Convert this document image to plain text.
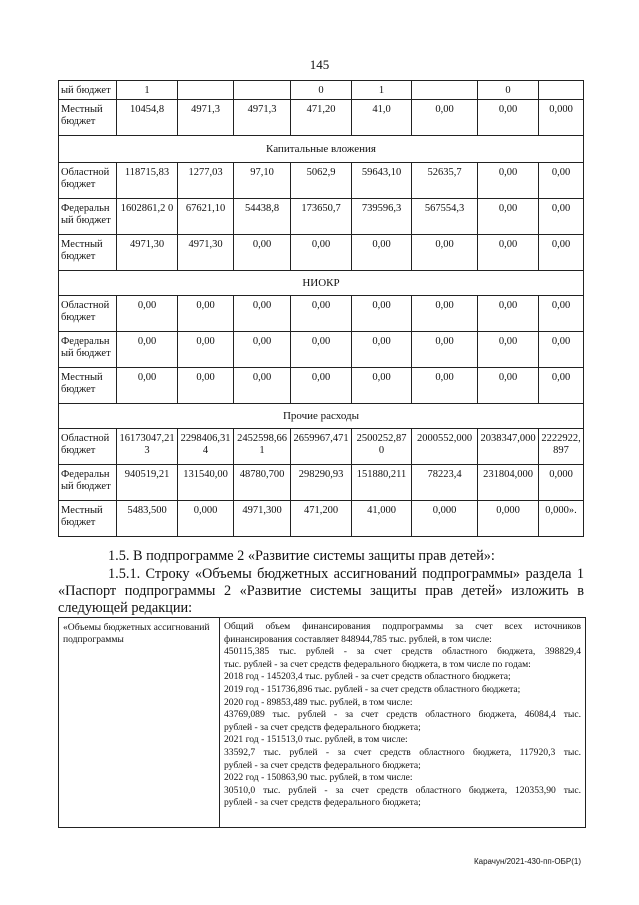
145
ый бюджет	1			0	1		0	
Местный бюджет	10454,8	4971,3	4971,3	471,20	41,0	0,00	0,00	0,000
Капитальные вложения								
Областной бюджет	118715,83	1277,03	97,10	5062,9	59643,10	52635,7	0,00	0,00
Федеральн ый бюджет	1602861,2 0	67621,10	54438,8	173650,7	739596,3	567554,3	0,00	0,00
Местный бюджет	4971,30	4971,30	0,00	0,00	0,00	0,00	0,00	0,00
НИОКР								
Областной бюджет	0,00	0,00	0,00	0,00	0,00	0,00	0,00	0,00
Федеральн ый бюджет	0,00	0,00	0,00	0,00	0,00	0,00	0,00	0,00
Местный бюджет	0,00	0,00	0,00	0,00	0,00	0,00	0,00	0,00
Прочие расходы								
Областной бюджет	16173047,213	2298406,314	2452598,661	2659967,471	2500252,870	2000552,000	2038347,000	2222922,897
Федеральн ый бюджет	940519,21	131540,00	48780,700	298290,93	151880,211	78223,4	231804,000	0,000
Местный бюджет	5483,500	0,000	4971,300	471,200	41,000	0,000	0,000	0,000».
1.5. В подпрограмме 2 «Развитие системы защиты прав детей»:
1.5.1. Строку «Объемы бюджетных ассигнований подпрограммы» раздела 1
«Паспорт подпрограммы 2 «Развитие системы защиты прав детей» изложить в
следующей редакции:
«Объемы бюджетных ассигнований подпрограммы
Общий объем финансирования подпрограммы за счет всех источников
финансирования составляет 848944,785 тыс. рублей, в том числе:
450115,385 тыс. рублей - за счет средств областного бюджета, 398829,4
тыс. рублей - за счет средств федерального бюджета, в том числе по годам:
2018 год - 145203,4 тыс. рублей - за счет средств областного бюджета;
2019 год - 151736,896 тыс. рублей - за счет средств областного бюджета;
2020 год - 89853,489 тыс. рублей, в том числе:
43769,089 тыс. рублей - за счет средств областного бюджета, 46084,4 тыс.
рублей - за счет средств федерального бюджета;
2021 год - 151513,0 тыс. рублей, в том числе:
33592,7 тыс. рублей - за счет средств областного бюджета, 117920,3 тыс.
рублей - за счет средств федерального бюджета;
2022 год - 150863,90 тыс. рублей, в том числе:
30510,0 тыс. рублей - за счет средств областного бюджета, 120353,90 тыс.
рублей - за счет средств федерального бюджета;
Карачун/2021-430-пп-ОБР(1)
